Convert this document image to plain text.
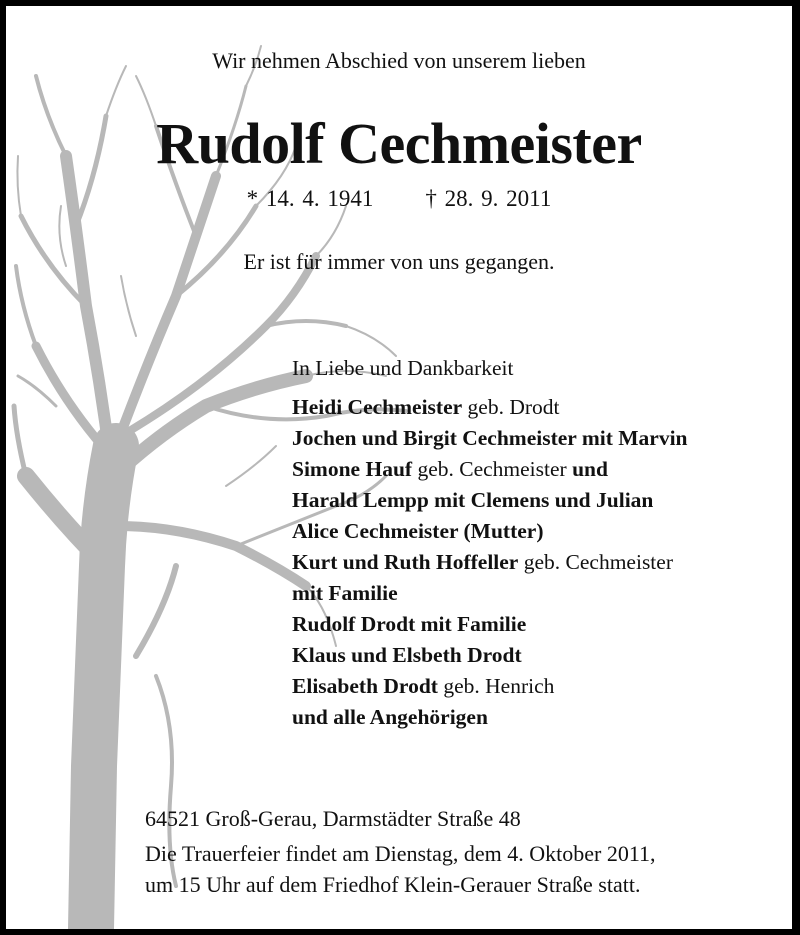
Wir nehmen Abschied von unserem lieben
Rudolf Cechmeister
* 14. 4. 1941 † 28. 9. 2011
Er ist für immer von uns gegangen.
In Liebe und Dankbarkeit
Heidi Cechmeister geb. Drodt
Jochen und Birgit Cechmeister mit Marvin
Simone Hauf geb. Cechmeister und
Harald Lempp mit Clemens und Julian
Alice Cechmeister (Mutter)
Kurt und Ruth Hoffeller geb. Cechmeister
mit Familie
Rudolf Drodt mit Familie
Klaus und Elsbeth Drodt
Elisabeth Drodt geb. Henrich
und alle Angehörigen
64521 Groß-Gerau, Darmstädter Straße 48
Die Trauerfeier findet am Dienstag, dem 4. Oktober 2011,
um 15 Uhr auf dem Friedhof Klein-Gerauer Straße statt.
